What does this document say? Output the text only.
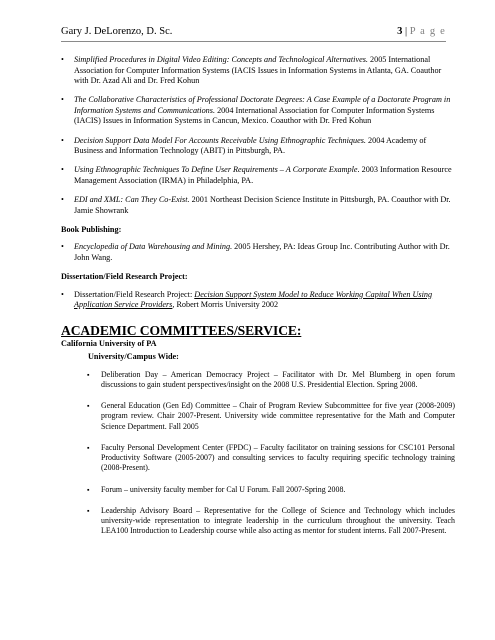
Gary J. DeLorenzo, D. Sc.	3 | P a g e
• Simplified Procedures in Digital Video Editing: Concepts and Technological Alternatives. 2005 International Association for Computer Information Systems (IACIS Issues in Information Systems in Atlanta, GA. Coauthor with Dr. Azad Ali and Dr. Fred Kohun
• The Collaborative Characteristics of Professional Doctorate Degrees: A Case Example of a Doctorate Program in Information Systems and Communications. 2004 International Association for Computer Information Systems (IACIS) Issues in Information Systems in Cancun, Mexico. Coauthor with Dr. Fred Kohun
• Decision Support Data Model For Accounts Receivable Using Ethnographic Techniques. 2004 Academy of Business and Information Technology (ABIT) in Pittsburgh, PA.
• Using Ethnographic Techniques To Define User Requirements – A Corporate Example. 2003 Information Resource Management Association (IRMA) in Philadelphia, PA.
• EDI and XML: Can They Co-Exist. 2001 Northeast Decision Science Institute in Pittsburgh, PA. Coauthor with Dr. Jamie Showrank
Book Publishing:
• Encyclopedia of Data Warehousing and Mining. 2005 Hershey, PA: Ideas Group Inc. Contributing Author with Dr. John Wang.
Dissertation/Field Research Project:
• Dissertation/Field Research Project: Decision Support System Model to Reduce Working Capital When Using Application Service Providers, Robert Morris University 2002
ACADEMIC COMMITTEES/SERVICE:
California University of PA
University/Campus Wide:
▪ Deliberation Day – American Democracy Project – Facilitator with Dr. Mel Blumberg in open forum discussions to gain student perspectives/insight on the 2008 U.S. Presidential Election. Spring 2008.
▪ General Education (Gen Ed) Committee – Chair of Program Review Subcommittee for five year (2008-2009) program review. Chair 2007-Present. University wide committee representative for the Math and Computer Science Department. Fall 2005
▪ Faculty Personal Development Center (FPDC) – Faculty facilitator on training sessions for CSC101 Personal Productivity Software (2005-2007) and consulting services to faculty requiring specific technology training (2008-Present).
▪ Forum – university faculty member for Cal U Forum. Fall 2007-Spring 2008.
▪ Leadership Advisory Board – Representative for the College of Science and Technology which includes university-wide representation to integrate leadership in the curriculum throughout the university. Teach LEA100 Introduction to Leadership course while also acting as mentor for student interns. Fall 2007-Present.
